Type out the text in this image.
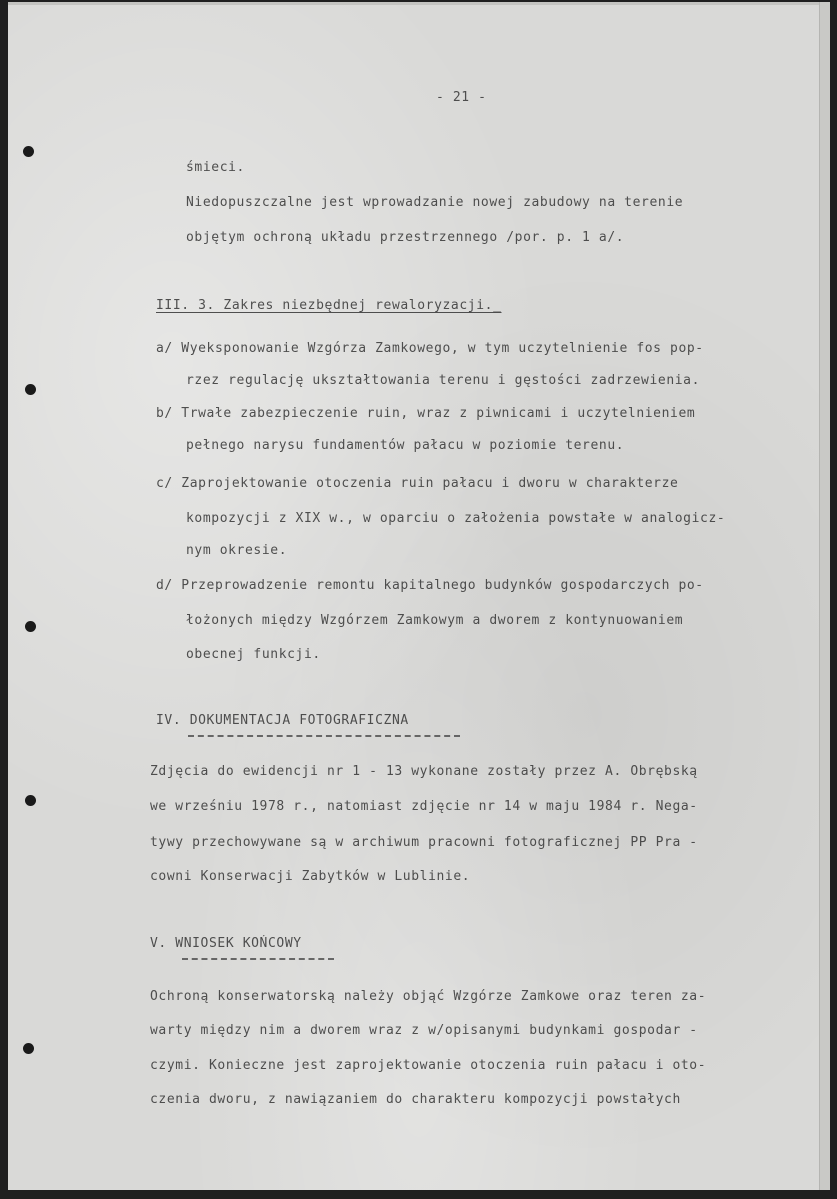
- 21 -
śmieci.
Niedopuszczalne jest wprowadzanie nowej zabudowy na terenie
objętym ochroną układu przestrzennego /por. p. 1 a/.
III. 3. Zakres niezbędnej rewaloryzacji._
a/ Wyeksponowanie Wzgórza Zamkowego, w tym uczytelnienie fos pop-
rzez regulację ukształtowania terenu i gęstości zadrzewienia.
b/ Trwałe zabezpieczenie ruin, wraz z piwnicami i uczytelnieniem
pełnego narysu fundamentów pałacu w poziomie terenu.
c/ Zaprojektowanie otoczenia ruin pałacu i dworu w charakterze
kompozycji z XIX w., w oparciu o założenia powstałe w analogicz-
nym okresie.
d/ Przeprowadzenie remontu kapitalnego budynków gospodarczych po-
łożonych między Wzgórzem Zamkowym a dworem z kontynuowaniem
obecnej funkcji.
IV. DOKUMENTACJA FOTOGRAFICZNA
Zdjęcia do ewidencji nr 1 - 13 wykonane zostały przez A. Obrębską
we wrześniu 1978 r., natomiast zdjęcie nr 14 w maju 1984 r. Nega-
tywy przechowywane są w archiwum pracowni fotograficznej PP Pra -
cowni Konserwacji Zabytków w Lublinie.
V. WNIOSEK KOŃCOWY
Ochroną konserwatorską należy objąć Wzgórze Zamkowe oraz teren za-
warty między nim a dworem wraz z w/opisanymi budynkami gospodar -
czymi. Konieczne jest zaprojektowanie otoczenia ruin pałacu i oto-
czenia dworu, z nawiązaniem do charakteru kompozycji powstałych
